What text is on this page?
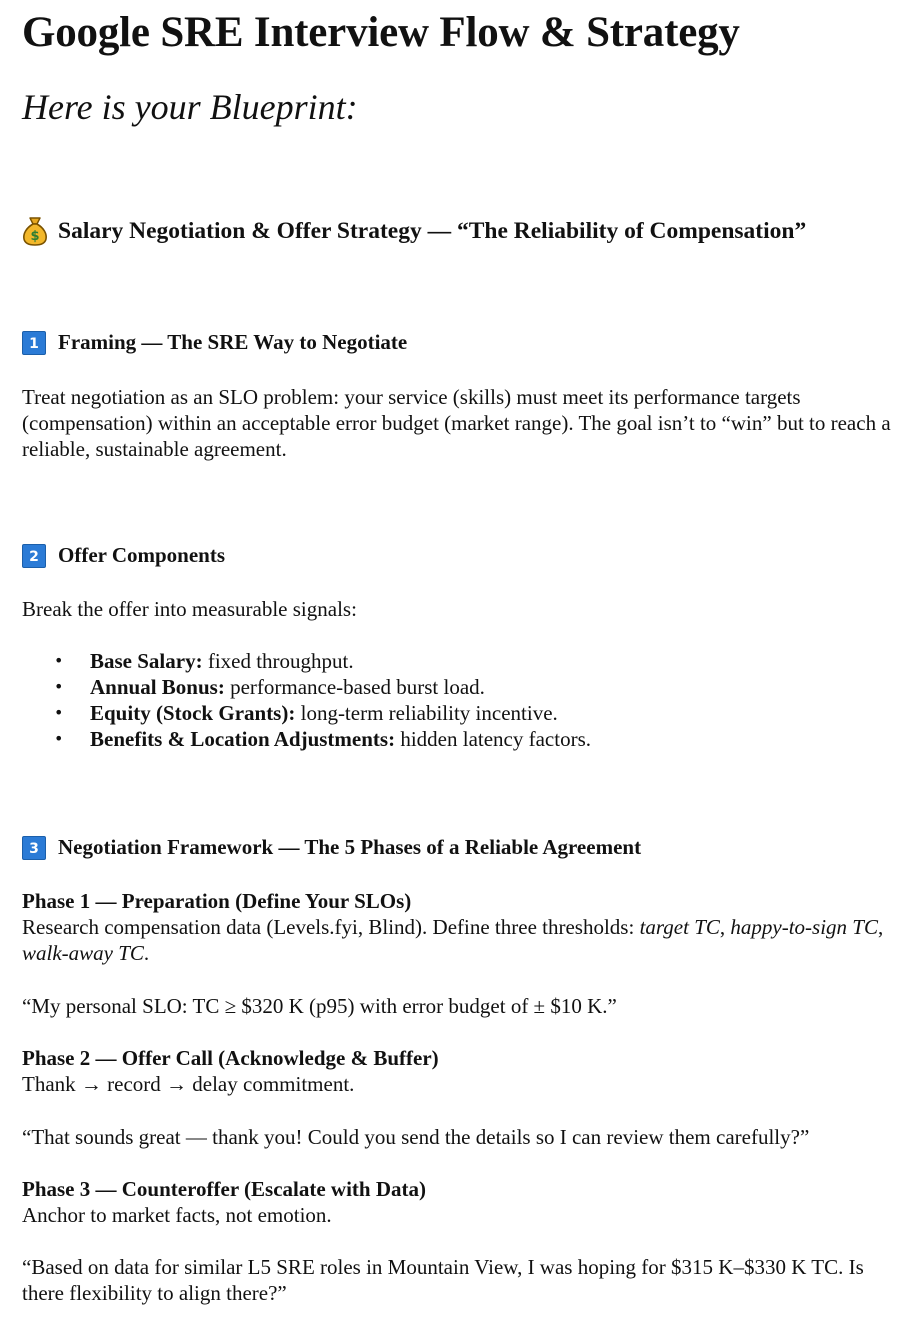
Google SRE Interview Flow & Strategy

Here is your Blueprint:

$ Salary Negotiation & Offer Strategy — “The Reliability of Compensation”
1 Framing — The SRE Way to Negotiate

Treat negotiation as an SLO problem: your service (skills) must meet its performance targets (compensation) within an acceptable error budget (market range). The goal isn’t to “win” but to reach a reliable, sustainable agreement.

2 Offer Components

Break the offer into measurable signals:

• Base Salary: fixed throughput.
• Annual Bonus: performance-based burst load.
• Equity (Stock Grants): long-term reliability incentive.
• Benefits & Location Adjustments: hidden latency factors.
3 Negotiation Framework — The 5 Phases of a Reliable Agreement

Phase 1 — Preparation (Define Your SLOs)
Research compensation data (Levels.fyi, Blind). Define three thresholds: target TC, happy-to-sign TC, walk-away TC.

“My personal SLO: TC ≥ $320 K (p95) with error budget of ± $10 K.”

Phase 2 — Offer Call (Acknowledge & Buffer)
Thank → record → delay commitment.

“That sounds great — thank you! Could you send the details so I can review them carefully?”

Phase 3 — Counteroffer (Escalate with Data)
Anchor to market facts, not emotion.

“Based on data for similar L5 SRE roles in Mountain View, I was hoping for $315 K–$330 K TC. Is there flexibility to align there?”
